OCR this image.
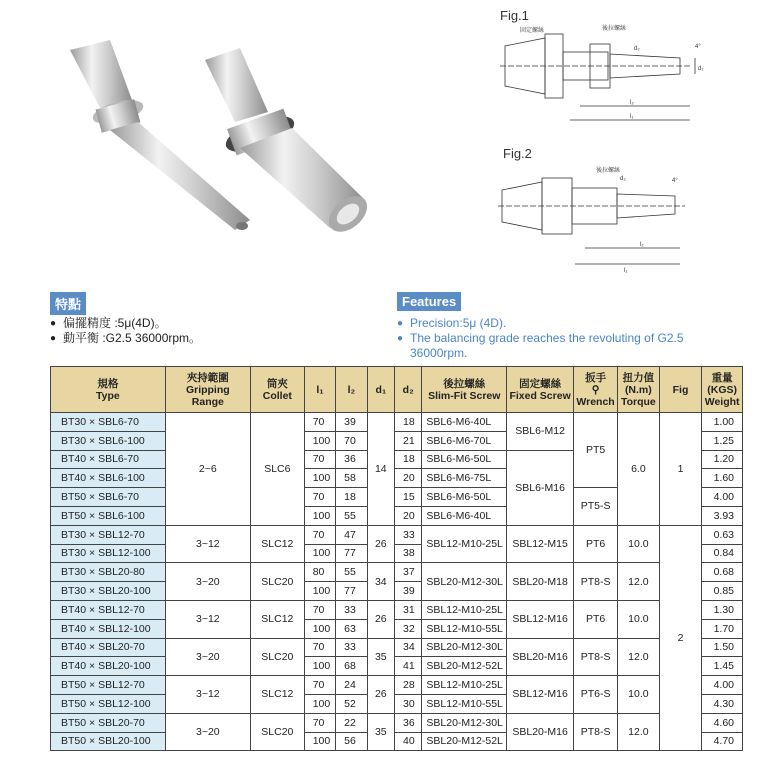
Fig.1
固定螺絲	後拉螺絲
d₂
d₁
4°
l₂
l₁
Fig.2
後拉螺絲
d₂	4°
l₂
l₁
特點
● 偏擺精度 :5μ(4D)。
● 動平衡 :G2.5 36000rpm。
Features
● Precision:5μ (4D).
● The balancing grade reaches the revoluting of G2.5 36000rpm.
規格
Type	夾持範圍
Gripping
Range	筒夾
Collet	l₁	l₂	d₁	d₂	後拉螺絲
Slim-Fit Screw	固定螺絲
Fixed Screw	扳手
⚲
Wrench	扭力值
(N.m)
Torque	Fig	重量
(KGS)
Weight
BT30 × SBL6-70	2~6	SLC6	70	39	14	18	SBL6-M6-40L	SBL6-M12	PT5	6.0	1	1.00
BT30 × SBL6-100			100	70		21	SBL6-M6-70L					1.25
BT40 × SBL6-70			70	36		18	SBL6-M6-50L	SBL6-M16				1.20
BT40 × SBL6-100			100	58		20	SBL6-M6-75L					1.60
BT50 × SBL6-70			70	18		15	SBL6-M6-50L		PT5-S			4.00
BT50 × SBL6-100			100	55		20	SBL6-M6-40L					3.93
BT30 × SBL12-70	3~12	SLC12	70	47	26	33	SBL12-M10-25L	SBL12-M15	PT6	10.0	2	0.63
BT30 × SBL12-100			100	77		38						0.84
BT30 × SBL20-80	3~20	SLC20	80	55	34	37	SBL20-M12-30L	SBL20-M18	PT8-S	12.0		0.68
BT30 × SBL20-100			100	77		39						0.85
BT40 × SBL12-70	3~12	SLC12	70	33	26	31	SBL12-M10-25L	SBL12-M16	PT6	10.0		1.30
BT40 × SBL12-100			100	63		32	SBL12-M10-55L					1.70
BT40 × SBL20-70	3~20	SLC20	70	33	35	34	SBL20-M12-30L	SBL20-M16	PT8-S	12.0		1.50
BT40 × SBL20-100			100	68		41	SBL20-M12-52L					1.45
BT50 × SBL12-70	3~12	SLC12	70	24	26	28	SBL12-M10-25L	SBL12-M16	PT6-S	10.0		4.00
BT50 × SBL12-100			100	52		30	SBL12-M10-55L					4.30
BT50 × SBL20-70	3~20	SLC20	70	22	35	36	SBL20-M12-30L	SBL20-M16	PT8-S	12.0		4.60
BT50 × SBL20-100			100	56		40	SBL20-M12-52L					4.70
